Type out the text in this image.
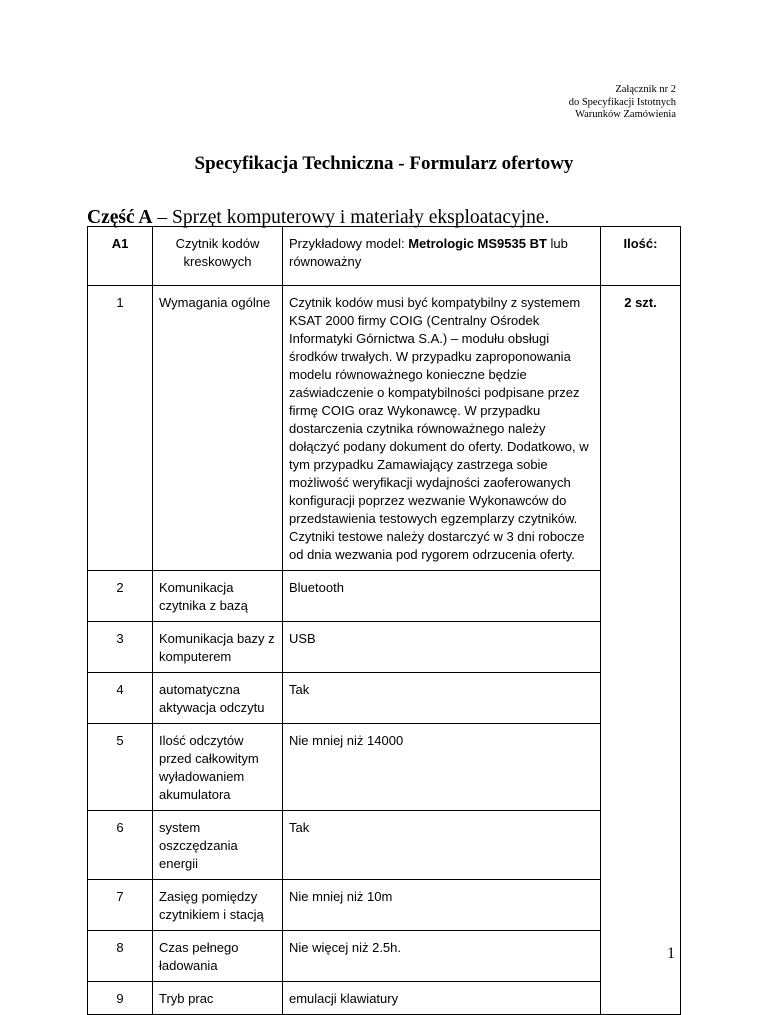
Załącznik nr 2
do Specyfikacji Istotnych
Warunków Zamówienia
Specyfikacja Techniczna - Formularz ofertowy
Część A – Sprzęt komputerowy i materiały eksploatacyjne.
A1	Czytnik kodów kreskowych	Przykładowy model: Metrologic MS9535 BT lub równoważny	Ilość:
1	Wymagania ogólne	Czytnik kodów musi być kompatybilny z systemem KSAT 2000 firmy COIG (Centralny Ośrodek Informatyki Górnictwa S.A.) – modułu obsługi środków trwałych. W przypadku zaproponowania modelu równoważnego konieczne będzie zaświadczenie o kompatybilności podpisane przez firmę COIG oraz Wykonawcę. W przypadku dostarczenia czytnika równoważnego należy dołączyć podany dokument do oferty. Dodatkowo, w tym przypadku Zamawiający zastrzega sobie możliwość weryfikacji wydajności zaoferowanych konfiguracji poprzez wezwanie Wykonawców do przedstawienia testowych egzemplarzy czytników. Czytniki testowe należy dostarczyć w 3 dni robocze od dnia wezwania pod rygorem odrzucenia oferty.	2 szt.
2	Komunikacja czytnika z bazą	Bluetooth	
3	Komunikacja bazy z komputerem	USB	
4	automatyczna aktywacja odczytu	Tak	
5	Ilość odczytów przed całkowitym wyładowaniem akumulatora	Nie mniej niż 14000	
6	system oszczędzania energii	Tak	
7	Zasięg pomiędzy czytnikiem i stacją	Nie mniej niż 10m	
8	Czas pełnego ładowania	Nie więcej niż 2.5h.	
9	Tryb prac	emulacji klawiatury	
1
